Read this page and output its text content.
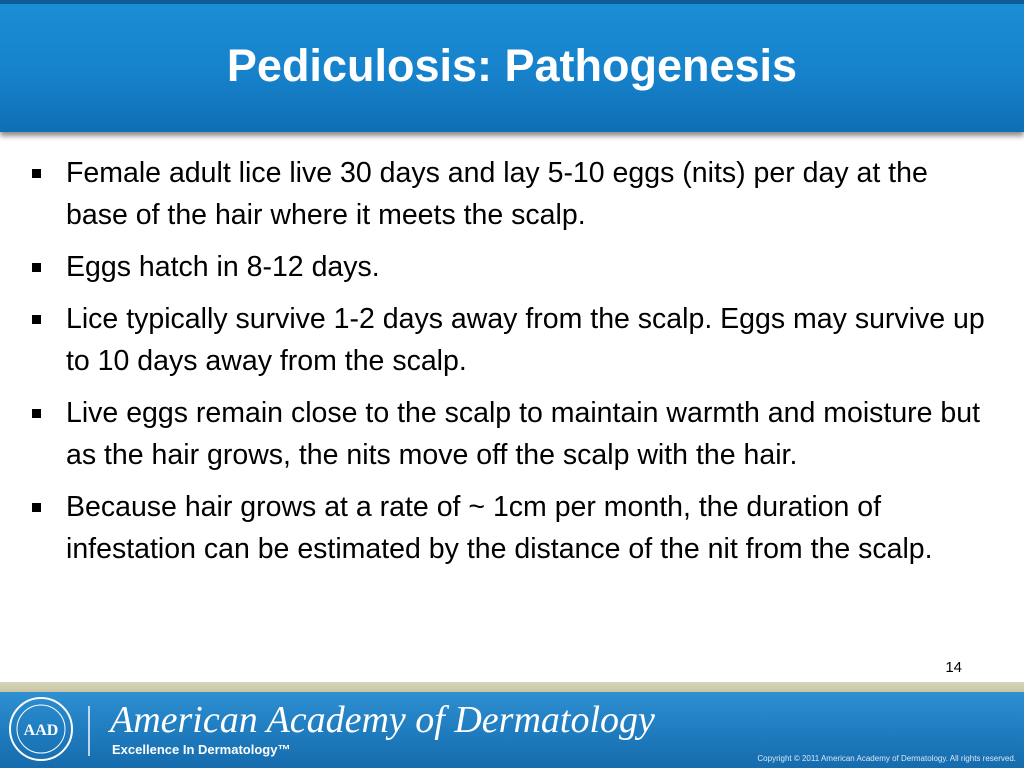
Pediculosis: Pathogenesis
Female adult lice live 30 days and lay 5-10 eggs (nits) per day at the base of the hair where it meets the scalp.
Eggs hatch in 8-12 days.
Lice typically survive 1-2 days away from the scalp. Eggs may survive up to 10 days away from the scalp.
Live eggs remain close to the scalp to maintain warmth and moisture but as the hair grows, the nits move off the scalp with the hair.
Because hair grows at a rate of ~ 1cm per month, the duration of infestation can be estimated by the distance of the nit from the scalp.
14
AAD American Academy of Dermatology
Excellence In Dermatology™
Copyright © 2011 American Academy of Dermatology. All rights reserved.
